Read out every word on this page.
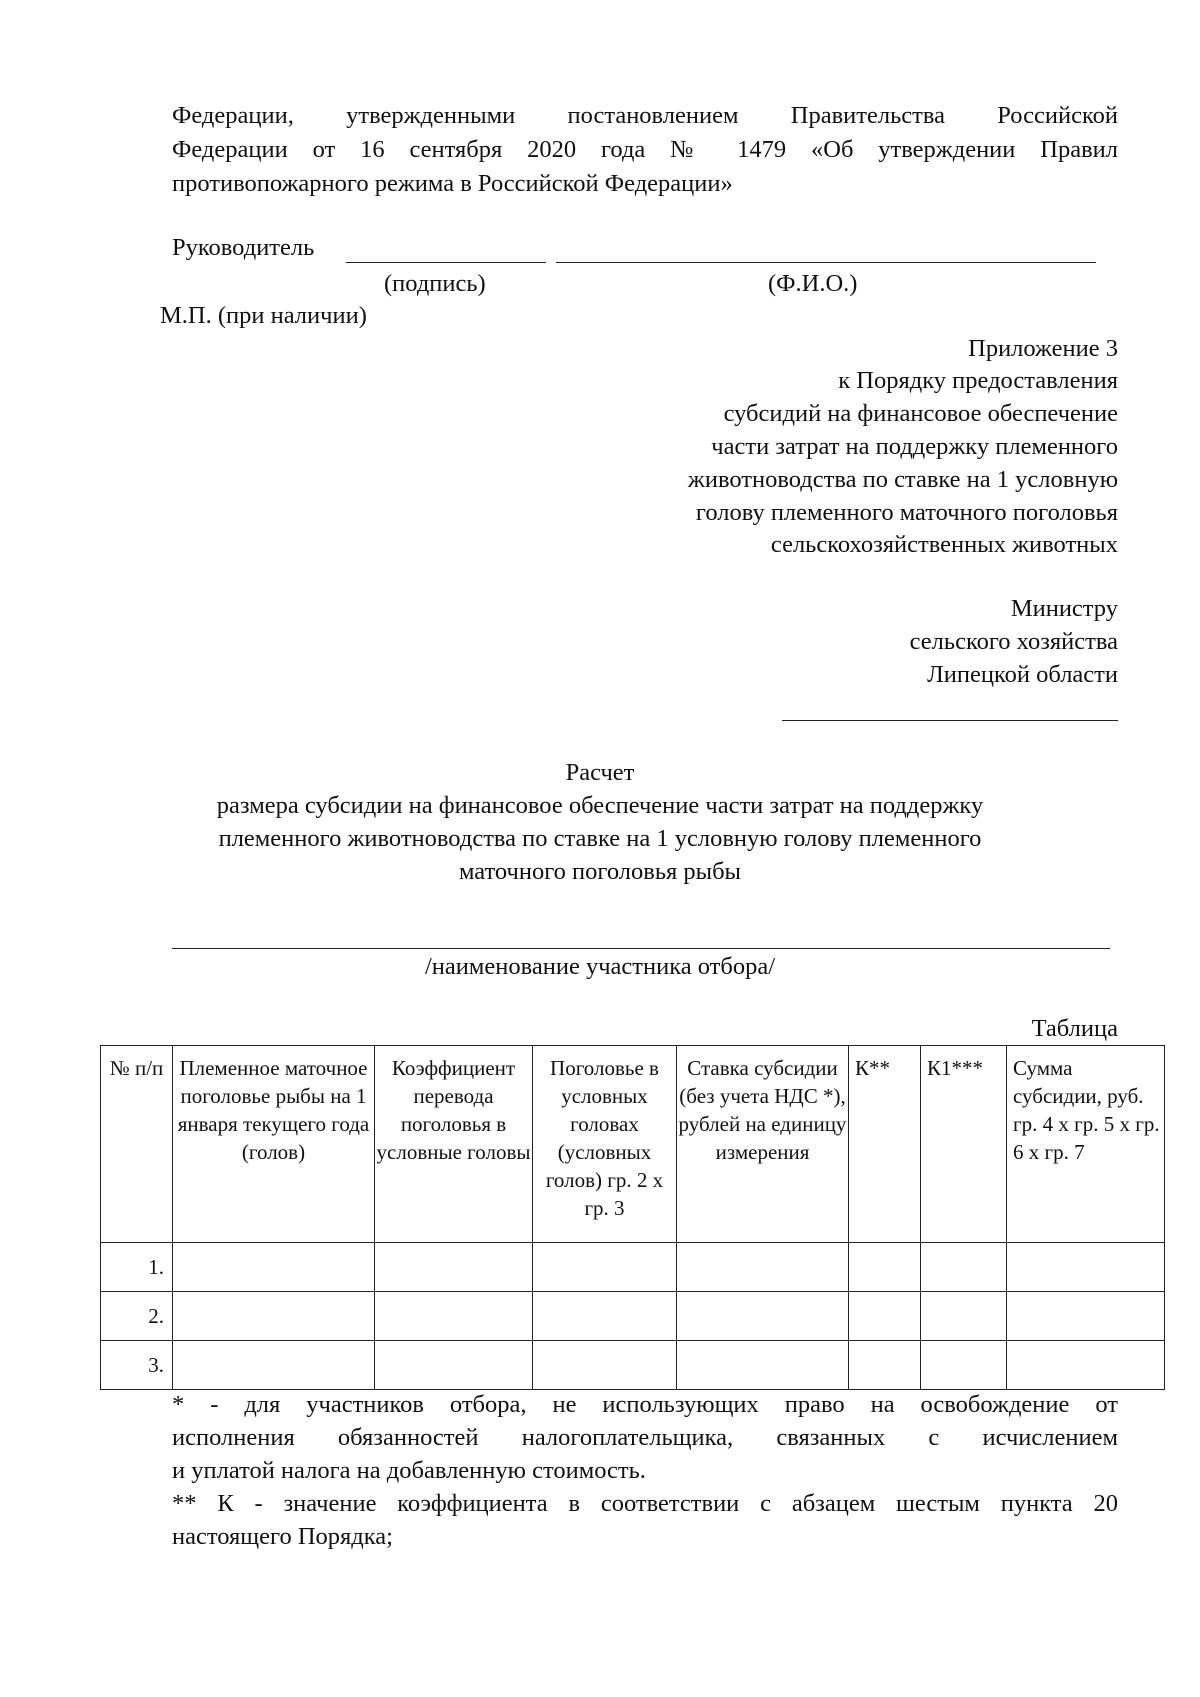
Федерации, утвержденными постановлением Правительства Российской
Федерации от 16 сентября 2020 года № 1479 «Об утверждении Правил
противопожарного режима в Российской Федерации»
Руководитель
(подпись)	(Ф.И.О.)
М.П. (при наличии)
Приложение 3
к Порядку предоставления
субсидий на финансовое обеспечение
части затрат на поддержку племенного
животноводства по ставке на 1 условную
голову племенного маточного поголовья
сельскохозяйственных животных
Министру
сельского хозяйства
Липецкой области
Расчет
размера субсидии на финансовое обеспечение части затрат на поддержку
племенного животноводства по ставке на 1 условную голову племенного
маточного поголовья рыбы
/наименование участника отбора/
Таблица
№ п/п	Племенное маточное поголовье рыбы на 1 января текущего года (голов)	Коэффициент перевода поголовья в условные головы	Поголовье в условных головах (условных голов) гр. 2 х гр. 3	Ставка субсидии (без учета НДС *), рублей на единицу измерения	К**	К1***	Сумма субсидии, руб. гр. 4 х гр. 5 х гр. 6 х гр. 7
1.							
2.							
3.							
* - для участников отбора, не использующих право на освобождение от
исполнения обязанностей налогоплательщика, связанных с исчислением
и уплатой налога на добавленную стоимость.
** К - значение коэффициента в соответствии с абзацем шестым пункта 20
настоящего Порядка;
